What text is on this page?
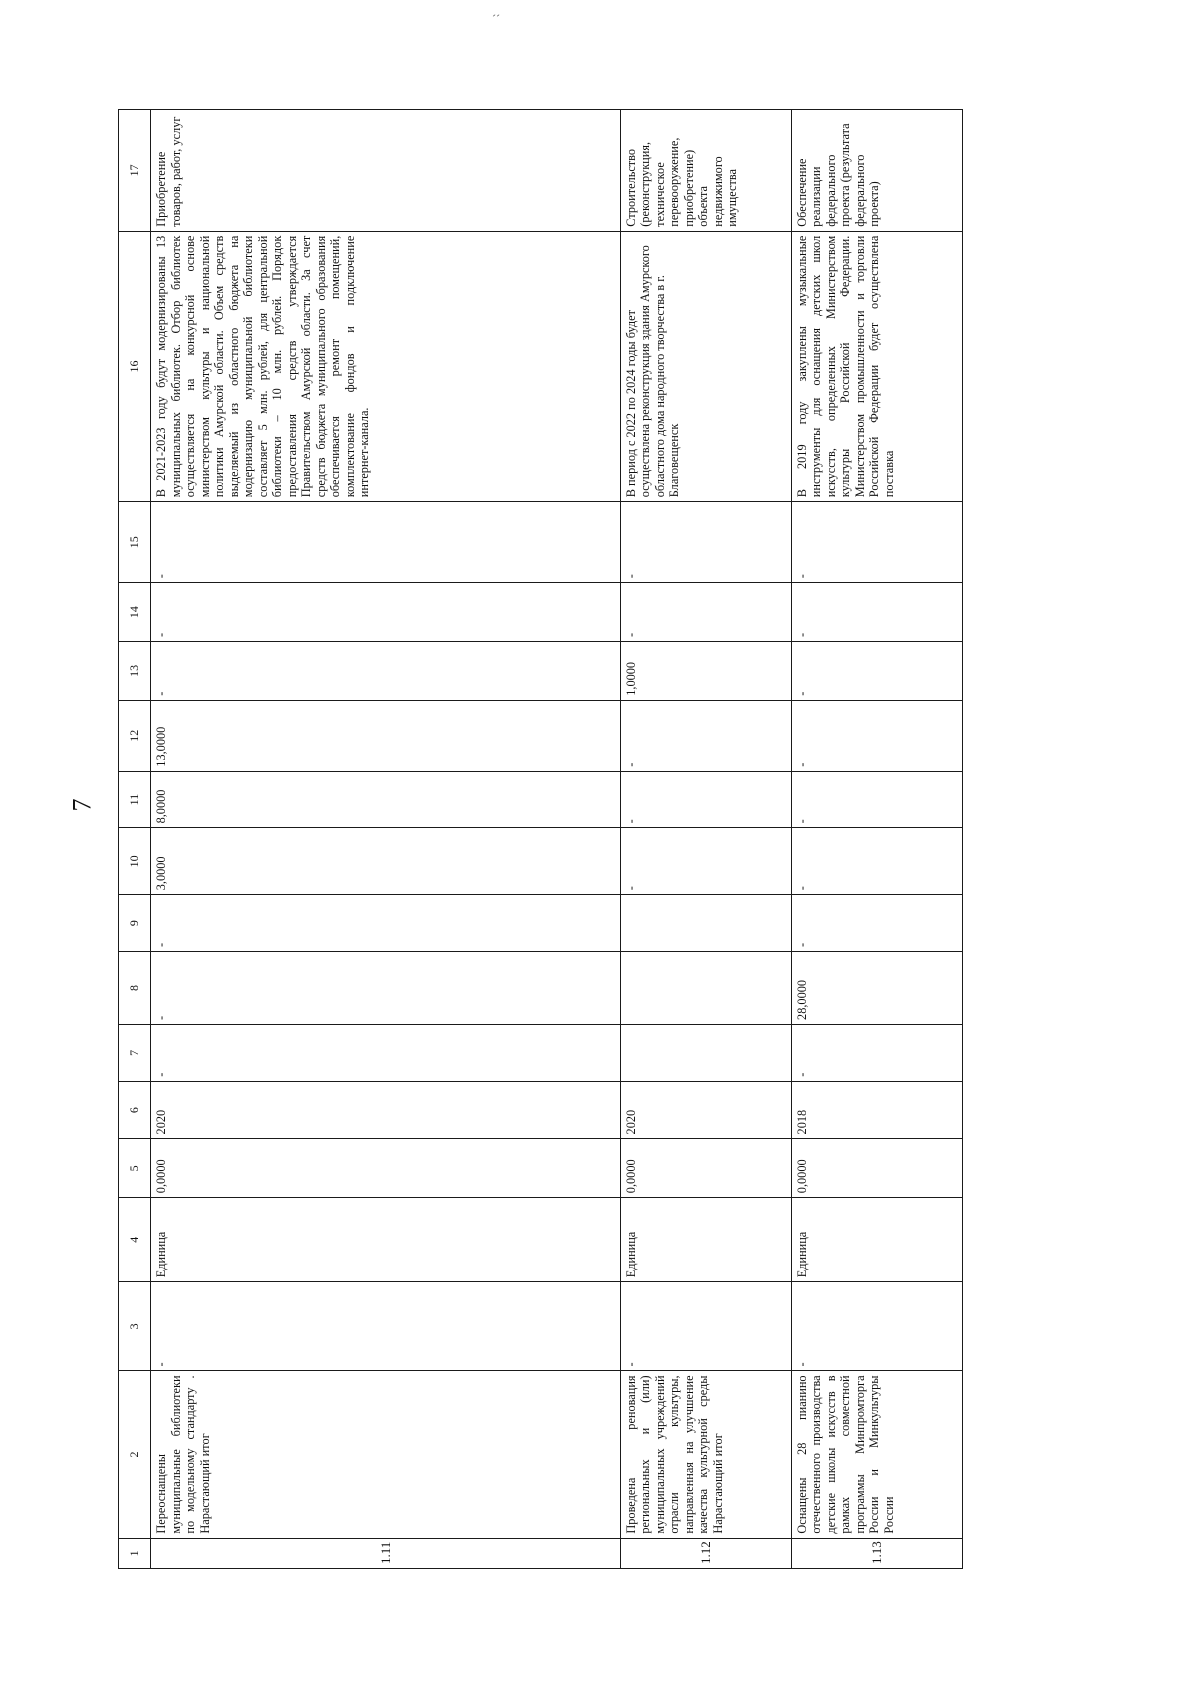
´´
7
1	2	3	4	5	6	7	8	9	10	11	12	13	14	15	16	17
1.11	Переоснащены муниципальные библиотеки по модельному стандарту . Нарастающий итог	-	Единица	0,0000	2020	-	-	-	3,0000	8,0000	13,0000	-	-	-	В 2021-2023 году будут модернизированы 13 муниципальных библиотек. Отбор библиотек осуществляется на конкурсной основе министерством культуры и национальной политики Амурской области. Объем средств выделяемый из областного бюджета на модернизацию муниципальной библиотеки составляет 5 млн. рублей, для центральной библиотеки – 10 млн. рублей. Порядок предоставления средств утверждается Правительством Амурской области. За счет средств бюджета муниципального образования обеспечивается ремонт помещений, комплектование фондов и подключение интернет-канала.	Приобретение товаров, работ, услуг
1.12	Проведена реновация региональных и (или) муниципальных учреждений отрасли культуры, направленная на улучшение качества культурной среды Нарастающий итог	-	Единица	0,0000	2020				-	-	-	1,0000	-	-	В период с 2022 по 2024 годы будет осуществлена реконструкция здания Амурского областного дома народного творчества в г. Благовещенск	Строительство (реконструкция, техническое перевооружение, приобретение) объекта недвижимого имущества
1.13	Оснащены 28 пианино отечественного производства детские школы искусств в рамках совместной программы Минпромторга России и Минкультуры России	-	Единица	0,0000	2018	-	28,0000	-	-	-	-	-	-	-	В 2019 году закуплены музыкальные инструменты для оснащения детских школ искусств, определенных Министерством культуры Российской Федерации. Министерством промышленности и торговли Российской Федерации будет осуществлена поставка	Обеспечение реализации федерального проекта (результата федерального проекта)
